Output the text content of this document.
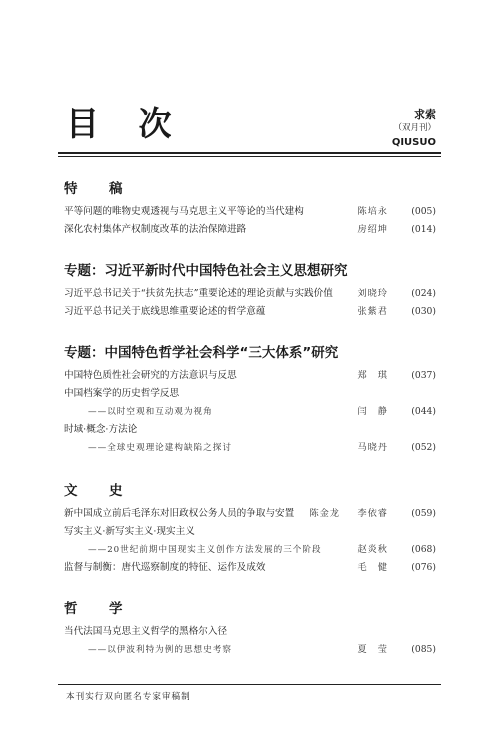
目 次	求索
（双月刊）
QIUSUO
特　稿
平等问题的唯物史观透视与马克思主义平等论的当代建构	陈培永	(005)
深化农村集体产权制度改革的法治保障进路	房绍坤	(014)
专题：习近平新时代中国特色社会主义思想研究
习近平总书记关于“扶贫先扶志”重要论述的理论贡献与实践价值	刘晓玲	(024)
习近平总书记关于底线思维重要论述的哲学意蕴	张紫君	(030)
专题：中国特色哲学社会科学“三大体系”研究
中国特色质性社会研究的方法意识与反思	郑　琪	(037)
中国档案学的历史哲学反思
——以时空观和互动观为视角	闫　静	(044)
时域·概念·方法论
——全球史观理论建构缺陷之探讨	马晓丹	(052)
文　史
新中国成立前后毛泽东对旧政权公务人员的争取与安置 陈金龙 李依睿	(059)
写实主义·新写实主义·现实主义
——20世纪前期中国现实主义创作方法发展的三个阶段	赵炎秋	(068)
监督与制衡：唐代巡察制度的特征、运作及成效	毛　健	(076)
哲　学
当代法国马克思主义哲学的黑格尔入径
——以伊波利特为例的思想史考察	夏　莹	(085)
本刊实行双向匿名专家审稿制
